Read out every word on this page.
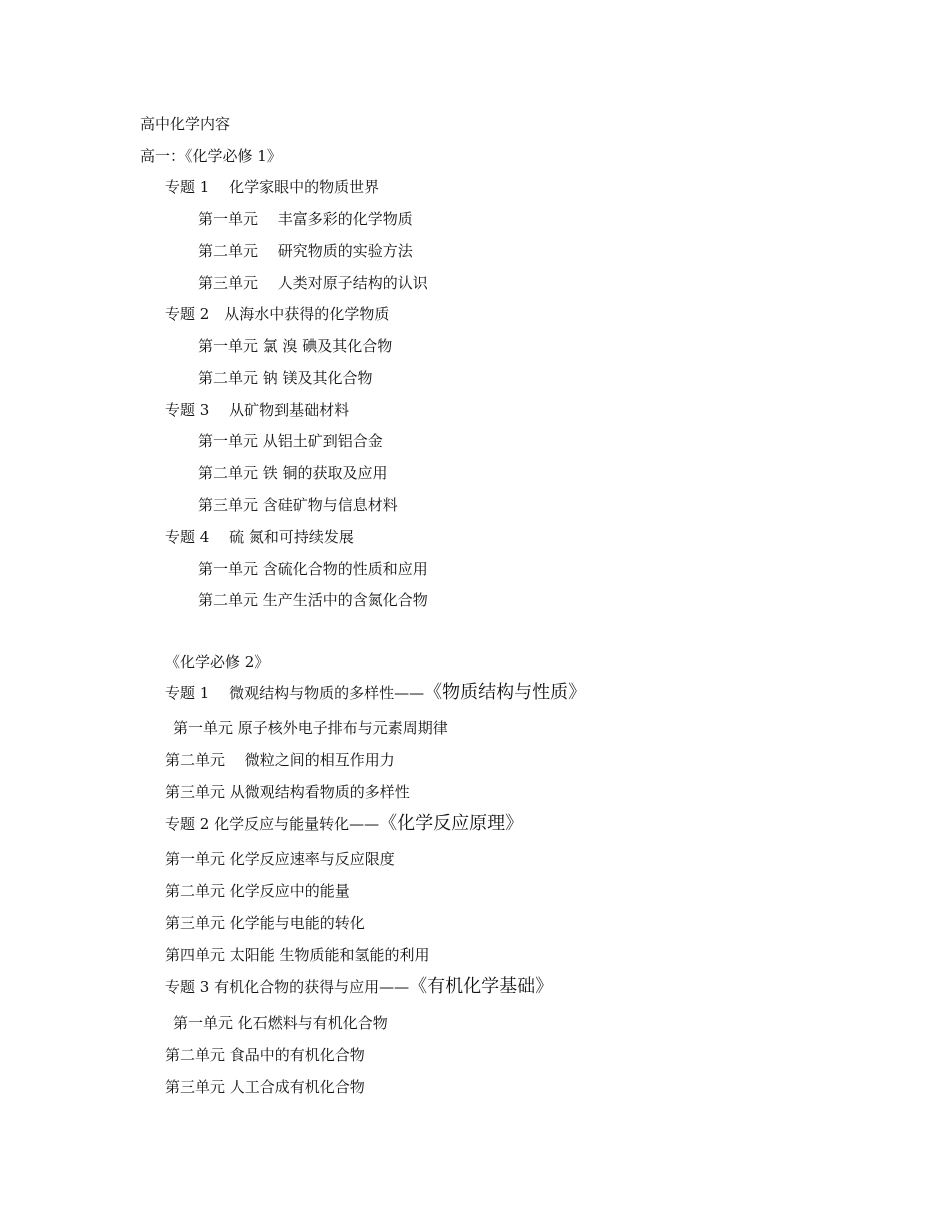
高中化学内容
高一：《化学必修 1》
专题 1　 化学家眼中的物质世界
第一单元　 丰富多彩的化学物质
第二单元　 研究物质的实验方法
第三单元　 人类对原子结构的认识
专题 2　从海水中获得的化学物质
第一单元 氯 溴 碘及其化合物
第二单元 钠 镁及其化合物
专题 3　 从矿物到基础材料
第一单元 从铝土矿到铝合金
第二单元 铁 铜的获取及应用
第三单元 含硅矿物与信息材料
专题 4　 硫 氮和可持续发展
第一单元 含硫化合物的性质和应用
第二单元 生产生活中的含氮化合物
《化学必修 2》
专题 1　 微观结构与物质的多样性——《物质结构与性质》
第一单元 原子核外电子排布与元素周期律
第二单元　 微粒之间的相互作用力
第三单元 从微观结构看物质的多样性
专题 2 化学反应与能量转化——《化学反应原理》
第一单元 化学反应速率与反应限度
第二单元 化学反应中的能量
第三单元 化学能与电能的转化
第四单元 太阳能 生物质能和氢能的利用
专题 3 有机化合物的获得与应用——《有机化学基础》
第一单元 化石燃料与有机化合物
第二单元 食品中的有机化合物
第三单元 人工合成有机化合物
